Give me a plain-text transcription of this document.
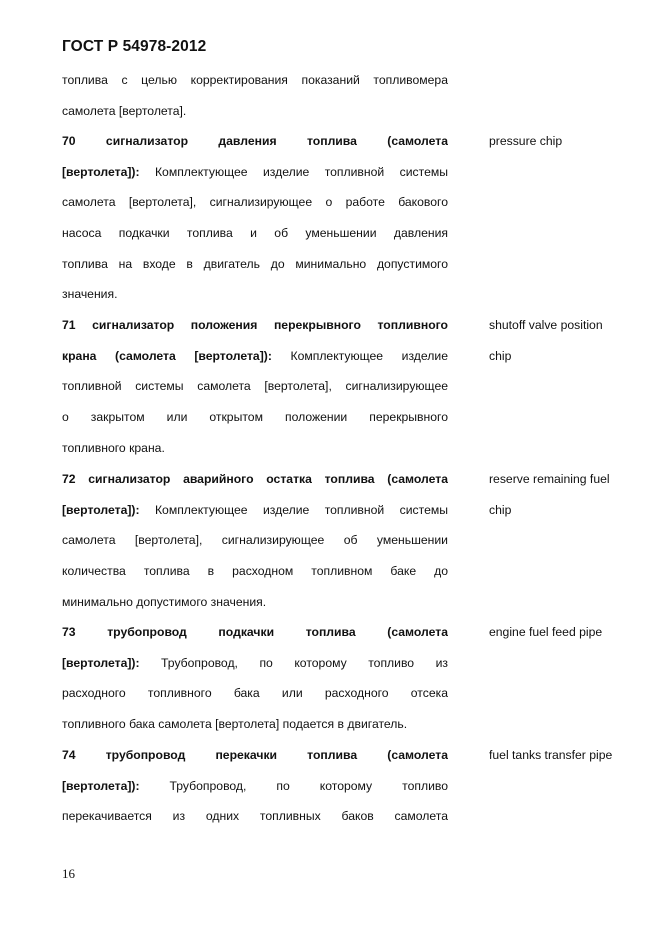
ГОСТ Р 54978-2012
топлива с целью корректирования показаний топливомера
самолета [вертолета].
70 сигнализатор давления топлива (самолета
[вертолета]): Комплектующее изделие топливной системы
самолета [вертолета], сигнализирующее о работе бакового
насоса подкачки топлива и об уменьшении давления
топлива на входе в двигатель до минимально допустимого
значения.
pressure chip
71 сигнализатор положения перекрывного топливного
крана (самолета [вертолета]): Комплектующее изделие
топливной системы самолета [вертолета], сигнализирующее
о закрытом или открытом положении перекрывного
топливного крана.
shutoff valve position
chip
72 сигнализатор аварийного остатка топлива (самолета
[вертолета]): Комплектующее изделие топливной системы
самолета [вертолета], сигнализирующее об уменьшении
количества топлива в расходном топливном баке до
минимально допустимого значения.
reserve remaining fuel
chip
73 трубопровод подкачки топлива (самолета
[вертолета]): Трубопровод, по которому топливо из
расходного топливного бака или расходного отсека
топливного бака самолета [вертолета] подается в двигатель.
engine fuel feed pipe
74 трубопровод перекачки топлива (самолета
[вертолета]): Трубопровод, по которому топливо
перекачивается из одних топливных баков самолета
fuel tanks transfer pipe
16
